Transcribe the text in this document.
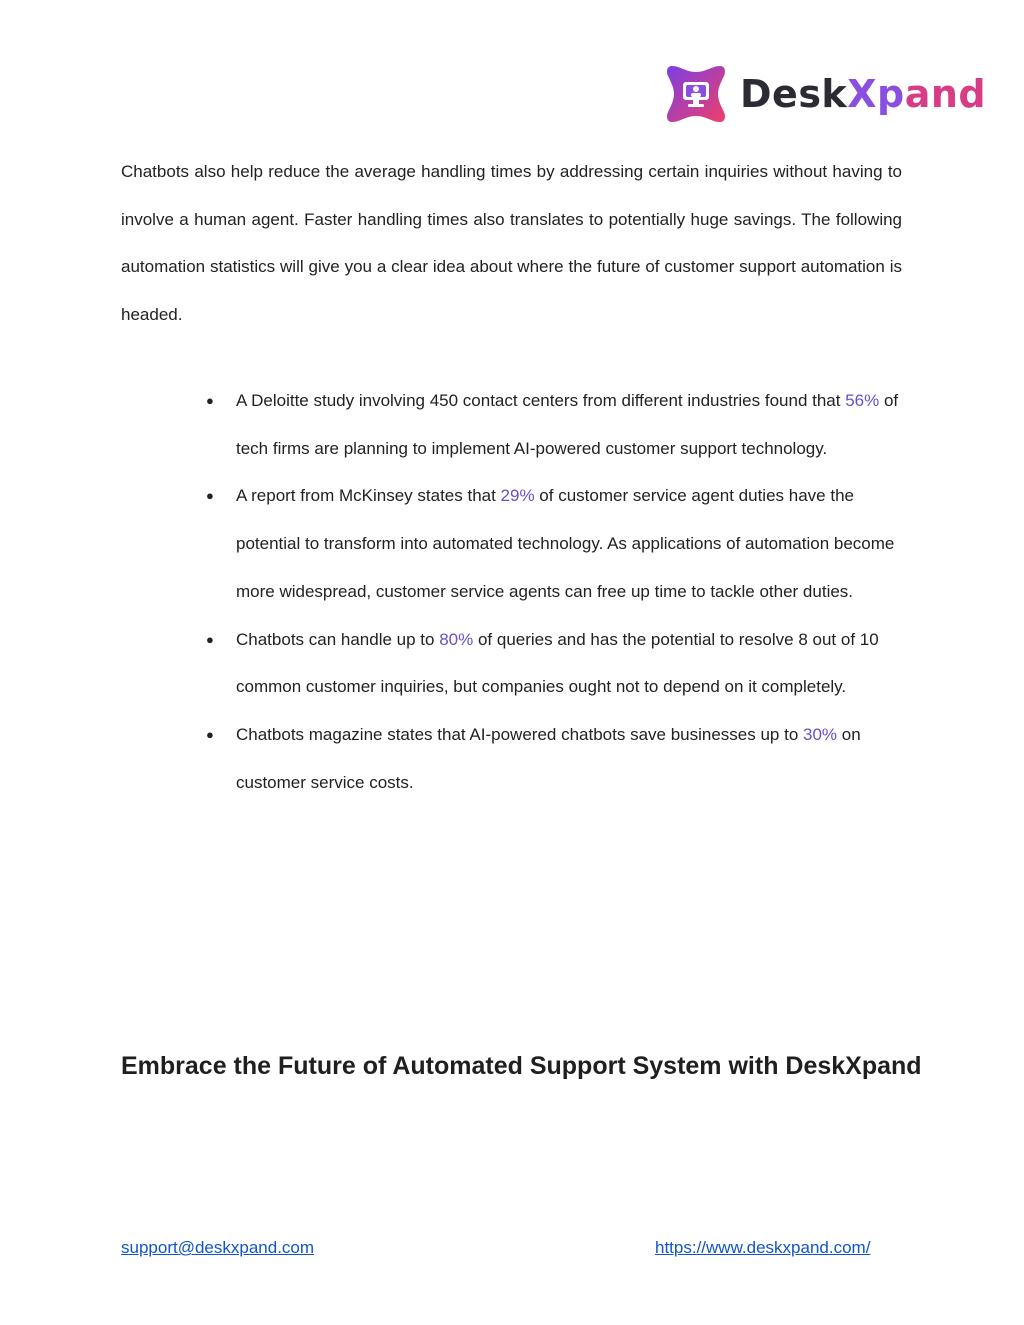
DeskXpand

Chatbots also help reduce the average handling times by addressing certain inquiries without having to involve a human agent. Faster handling times also translates to potentially huge savings. The following automation statistics will give you a clear idea about where the future of customer support automation is headed.

● A Deloitte study involving 450 contact centers from different industries found that 56% of tech firms are planning to implement AI-powered customer support technology.
● A report from McKinsey states that 29% of customer service agent duties have the potential to transform into automated technology. As applications of automation become more widespread, customer service agents can free up time to tackle other duties.
● Chatbots can handle up to 80% of queries and has the potential to resolve 8 out of 10 common customer inquiries, but companies ought not to depend on it completely.
● Chatbots magazine states that AI-powered chatbots save businesses up to 30% on customer service costs.
Embrace the Future of Automated Support System with DeskXpand
support@deskxpand.com	https://www.deskxpand.com/
